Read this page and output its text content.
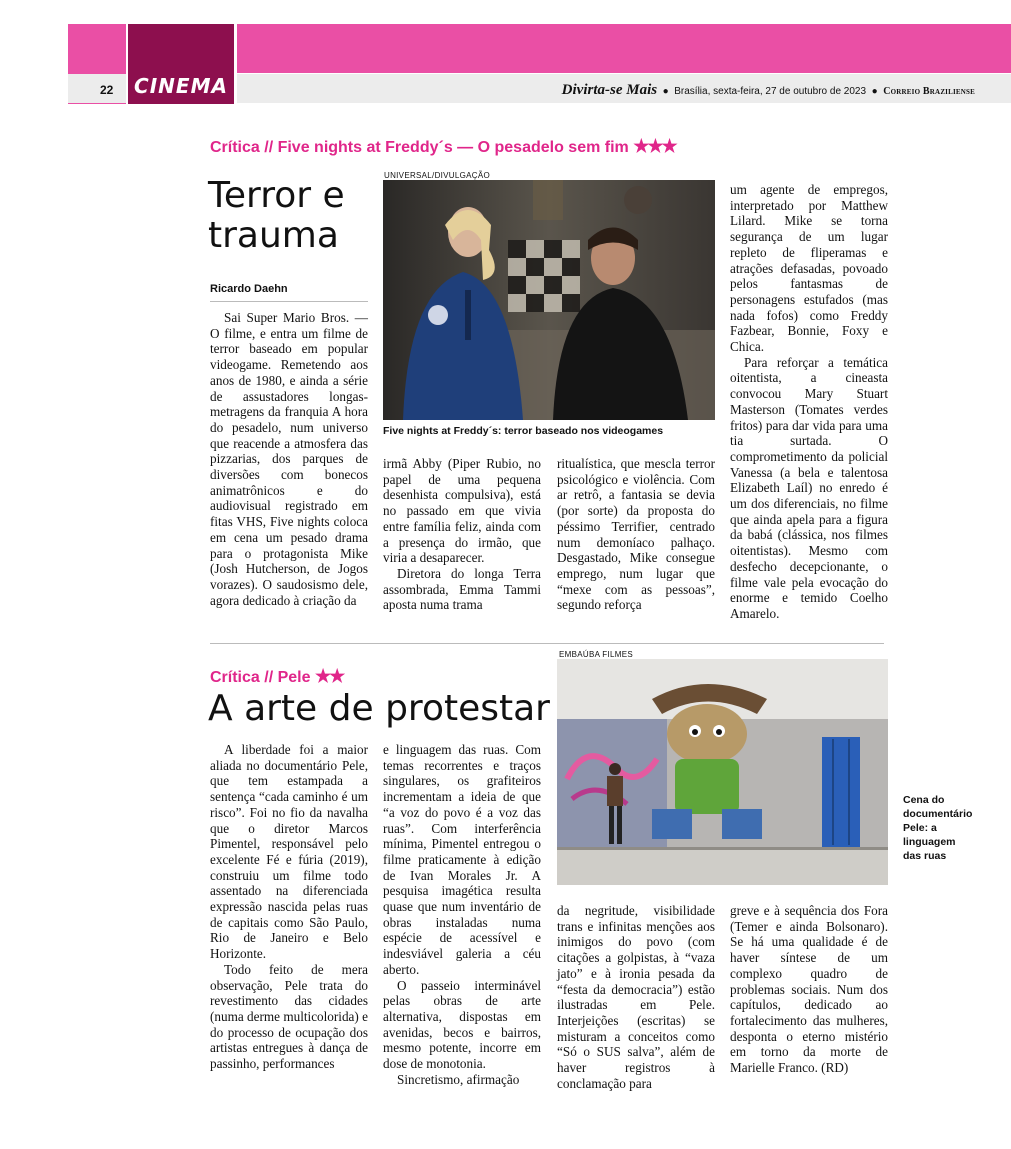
CINEMA
22	Divirta-se Mais  ●  Brasília, sexta-feira, 27 de outubro de 2023  ●  Correio Braziliense
Crítica // Five nights at Freddy´s — O pesadelo sem fim ★★★
Terror e
trauma
Ricardo Daehn
UNIVERSAL/DIVULGAÇÃO
Five nights at Freddy´s: terror baseado nos videogames

Sai Super Mario Bros. — O filme, e entra um filme de terror baseado em popular videogame. Remetendo aos anos de 1980, e ainda a série de assustadores longas-metragens da franquia A hora do pesadelo, num universo que reacende a atmosfera das pizzarias, dos parques de diversões com bonecos animatrônicos e do audiovisual registrado em fitas VHS, Five nights coloca em cena um pesado drama para o protagonista Mike (Josh Hutcherson, de Jogos vorazes). O saudosismo dele, agora dedicado à criação da

irmã Abby (Piper Rubio, no papel de uma pequena desenhista compulsiva), está no passado em que vivia entre família feliz, ainda com a presença do irmão, que viria a desaparecer.

Diretora do longa Terra assombrada, Emma Tammi aposta numa trama

ritualística, que mescla terror psicológico e violência. Com ar retrô, a fantasia se devia (por sorte) da proposta do péssimo Terrifier, centrado num demoníaco palhaço. Desgastado, Mike consegue emprego, num lugar que “mexe com as pessoas”, segundo reforça

um agente de empregos, interpretado por Matthew Lilard. Mike se torna segurança de um lugar repleto de fliperamas e atrações defasadas, povoado pelos fantasmas de personagens estufados (mas nada fofos) como Freddy Fazbear, Bonnie, Foxy e Chica.

Para reforçar a temática oitentista, a cineasta convocou Mary Stuart Masterson (Tomates verdes fritos) para dar vida para uma tia surtada. O comprometimento da policial Vanessa (a bela e talentosa Elizabeth Laíl) no enredo é um dos diferenciais, no filme que ainda apela para a figura da babá (clássica, nos filmes oitentistas). Mesmo com desfecho decepcionante, o filme vale pela evocação do enorme e temido Coelho Amarelo.

Crítica // Pele ★★
A arte de protestar
EMBAÚBA FILMES
Cena do
documentário
Pele: a
linguagem
das ruas

A liberdade foi a maior aliada no documentário Pele, que tem estampada a sentença “cada caminho é um risco”. Foi no fio da navalha que o diretor Marcos Pimentel, responsável pelo excelente Fé e fúria (2019), construiu um filme todo assentado na diferenciada expressão nascida pelas ruas de capitais como São Paulo, Rio de Janeiro e Belo Horizonte.

Todo feito de mera observação, Pele trata do revestimento das cidades (numa derme multicolorida) e do processo de ocupação dos artistas entregues à dança de passinho, performances

e linguagem das ruas. Com temas recorrentes e traços singulares, os grafiteiros incrementam a ideia de que “a voz do povo é a voz das ruas”. Com interferência mínima, Pimentel entregou o filme praticamente à edição de Ivan Morales Jr. A pesquisa imagética resulta quase que num inventário de obras instaladas numa espécie de acessível e indesviável galeria a céu aberto.

O passeio interminável pelas obras de arte alternativa, dispostas em avenidas, becos e bairros, mesmo potente, incorre em dose de monotonia.

Sincretismo, afirmação

da negritude, visibilidade trans e infinitas menções aos inimigos do povo (com citações a golpistas, à “vaza jato” e à ironia pesada da “festa da democracia”) estão ilustradas em Pele. Interjeições (escritas) se misturam a conceitos como “Só o SUS salva”, além de haver registros à conclamação para

greve e à sequência dos Fora (Temer e ainda Bolsonaro). Se há uma qualidade é de haver síntese de um complexo quadro de problemas sociais. Num dos capítulos, dedicado ao fortalecimento das mulheres, desponta o eterno mistério em torno da morte de Marielle Franco. (RD)
